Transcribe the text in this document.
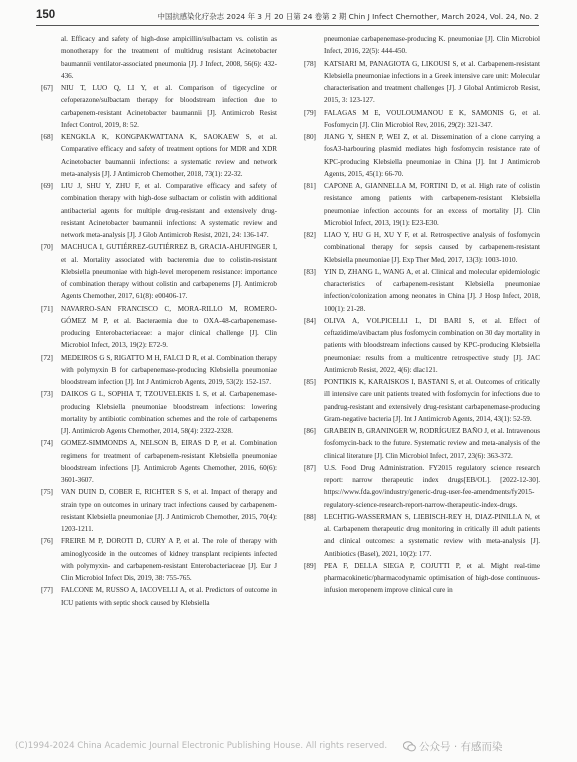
150	中国抗感染化疗杂志 2024 年 3 月 20 日第 24 卷第 2 期 Chin J Infect Chemother, March 2024, Vol. 24, No. 2
al. Efficacy and safety of high-dose ampicillin/sulbactam vs. colistin as monotherapy for the treatment of multidrug resistant Acinetobacter baumannii ventilator-associated pneumonia [J]. J Infect, 2008, 56(6): 432-436.
[67] NIU T, LUO Q, LI Y, et al. Comparison of tigecycline or cefoperazone/sulbactam therapy for bloodstream infection due to carbapenem-resistant Acinetobacter baumannii [J]. Antimicrob Resist Infect Control, 2019, 8: 52.
[68] KENGKLA K, KONGPAKWATTANA K, SAOKAEW S, et al. Comparative efficacy and safety of treatment options for MDR and XDR Acinetobacter baumannii infections: a systematic review and network meta-analysis [J]. J Antimicrob Chemother, 2018, 73(1): 22-32.
[69] LIU J, SHU Y, ZHU F, et al. Comparative efficacy and safety of combination therapy with high-dose sulbactam or colistin with additional antibacterial agents for multiple drug-resistant and extensively drug-resistant Acinetobacter baumannii infections: A systematic review and network meta-analysis [J]. J Glob Antimicrob Resist, 2021, 24: 136-147.
[70] MACHUCA I, GUTIÉRREZ-GUTIÉRREZ B, GRACIA-AHUFINGER I, et al. Mortality associated with bacteremia due to colistin-resistant Klebsiella pneumoniae with high-level meropenem resistance: importance of combination therapy without colistin and carbapenems [J]. Antimicrob Agents Chemother, 2017, 61(8): e00406-17.
[71] NAVARRO-SAN FRANCISCO C, MORA-RILLO M, ROMERO-GÓMEZ M P, et al. Bacteraemia due to OXA-48-carbapenemase-producing Enterobacteriaceae: a major clinical challenge [J]. Clin Microbiol Infect, 2013, 19(2): E72-9.
[72] MEDEIROS G S, RIGATTO M H, FALCI D R, et al. Combination therapy with polymyxin B for carbapenemase-producing Klebsiella pneumoniae bloodstream infection [J]. Int J Antimicrob Agents, 2019, 53(2): 152-157.
[73] DAIKOS G L, SOPHIA T, TZOUVELEKIS L S, et al. Carbapenemase-producing Klebsiella pneumoniae bloodstream infections: lowering mortality by antibiotic combination schemes and the role of carbapenems [J]. Antimicrob Agents Chemother, 2014, 58(4): 2322-2328.
[74] GOMEZ-SIMMONDS A, NELSON B, EIRAS D P, et al. Combination regimens for treatment of carbapenem-resistant Klebsiella pneumoniae bloodstream infections [J]. Antimicrob Agents Chemother, 2016, 60(6): 3601-3607.
[75] VAN DUIN D, COBER E, RICHTER S S, et al. Impact of therapy and strain type on outcomes in urinary tract infections caused by carbapenem-resistant Klebsiella pneumoniae [J]. J Antimicrob Chemother, 2015, 70(4): 1203-1211.
[76] FREIRE M P, DOROTI D, CURY A P, et al. The role of therapy with aminoglycoside in the outcomes of kidney transplant recipients infected with polymyxin- and carbapenem-resistant Enterobacteriaceae [J]. Eur J Clin Microbiol Infect Dis, 2019, 38: 755-765.
[77] FALCONE M, RUSSO A, IACOVELLI A, et al. Predictors of outcome in ICU patients with septic shock caused by Klebsiella
pneumoniae carbapenemase-producing K. pneumoniae [J]. Clin Microbiol Infect, 2016, 22(5): 444-450.
[78] KATSIARI M, PANAGIOTA G, LIKOUSI S, et al. Carbapenem-resistant Klebsiella pneumoniae infections in a Greek intensive care unit: Molecular characterisation and treatment challenges [J]. J Global Antimicrob Resist, 2015, 3: 123-127.
[79] FALAGAS M E, VOULOUMANOU E K, SAMONIS G, et al. Fosfomycin [J]. Clin Microbiol Rev, 2016, 29(2): 321-347.
[80] JIANG Y, SHEN P, WEI Z, et al. Dissemination of a clone carrying a fosA3-harbouring plasmid mediates high fosfomycin resistance rate of KPC-producing Klebsiella pneumoniae in China [J]. Int J Antimicrob Agents, 2015, 45(1): 66-70.
[81] CAPONE A, GIANNELLA M, FORTINI D, et al. High rate of colistin resistance among patients with carbapenem-resistant Klebsiella pneumoniae infection accounts for an excess of mortality [J]. Clin Microbiol Infect, 2013, 19(1): E23-E30.
[82] LIAO Y, HU G H, XU Y F, et al. Retrospective analysis of fosfomycin combinational therapy for sepsis caused by carbapenem-resistant Klebsiella pneumoniae [J]. Exp Ther Med, 2017, 13(3): 1003-1010.
[83] YIN D, ZHANG L, WANG A, et al. Clinical and molecular epidemiologic characteristics of carbapenem-resistant Klebsiella pneumoniae infection/colonization among neonates in China [J]. J Hosp Infect, 2018, 100(1): 21-28.
[84] OLIVA A, VOLPICELLI L, DI BARI S, et al. Effect of ceftazidime/avibactam plus fosfomycin combination on 30 day mortality in patients with bloodstream infections caused by KPC-producing Klebsiella pneumoniae: results from a multicentre retrospective study [J]. JAC Antimicrob Resist, 2022, 4(6): dlac121.
[85] PONTIKIS K, KARAISKOS I, BASTANI S, et al. Outcomes of critically ill intensive care unit patients treated with fosfomycin for infections due to pandrug-resistant and extensively drug-resistant carbapenemase-producing Gram-negative bacteria [J]. Int J Antimicrob Agents, 2014, 43(1): 52-59.
[86] GRABEIN B, GRANINGER W, RODRÍGUEZ BAÑO J, et al. Intravenous fosfomycin-back to the future. Systematic review and meta-analysis of the clinical literature [J]. Clin Microbiol Infect, 2017, 23(6): 363-372.
[87] U.S. Food Drug Administration. FY2015 regulatory science research report: narrow therapeutic index drugs[EB/OL]. [2022-12-30]. https://www.fda.gov/industry/generic-drug-user-fee-amendments/fy2015-regulatory-science-research-report-narrow-therapeutic-index-drugs.
[88] LECHTIG-WASSERMAN S, LIEBISCH-REY H, DIAZ-PINILLA N, et al. Carbapenem therapeutic drug monitoring in critically ill adult patients and clinical outcomes: a systematic review with meta-analysis [J]. Antibiotics (Basel), 2021, 10(2): 177.
[89] PEA F, DELLA SIEGA P, COJUTTI P, et al. Might real-time pharmacokinetic/pharmacodynamic optimisation of high-dose continuous-infusion meropenem improve clinical cure in
(C)1994-2024 China Academic Journal Electronic Publishing House. All rights reserved.	公众号 · 有感而染
